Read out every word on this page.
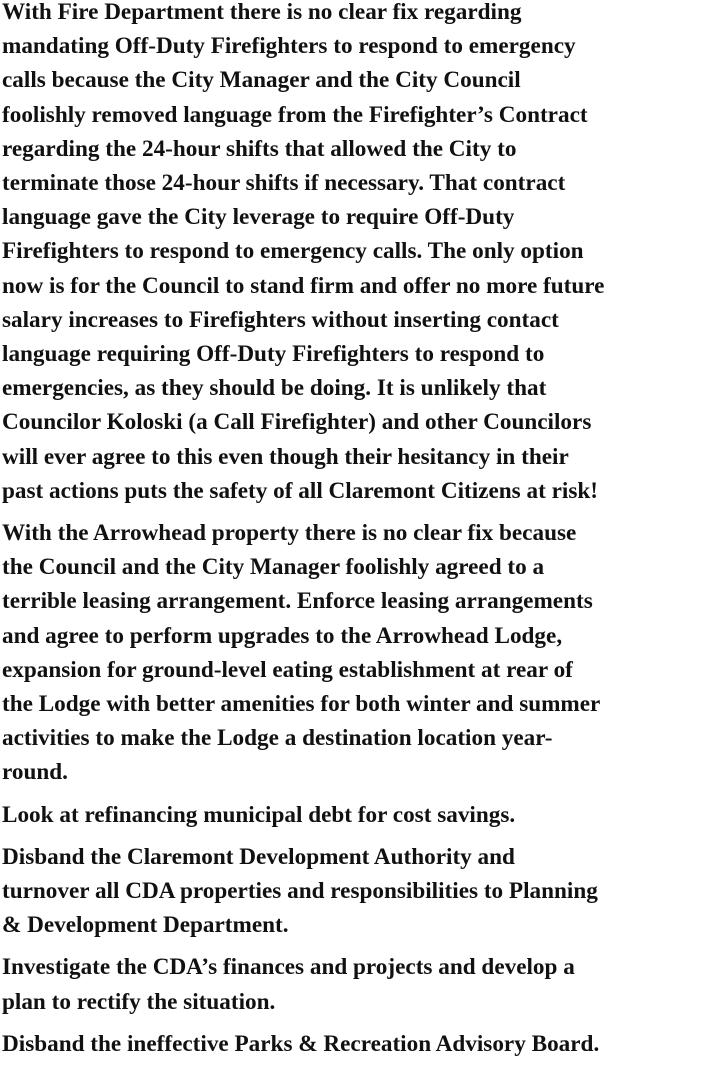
With Fire Department there is no clear fix regarding
mandating Off-Duty Firefighters to respond to emergency
calls because the City Manager and the City Council
foolishly removed language from the Firefighter’s Contract
regarding the 24-hour shifts that allowed the City to
terminate those 24-hour shifts if necessary. That contract
language gave the City leverage to require Off-Duty
Firefighters to respond to emergency calls. The only option
now is for the Council to stand firm and offer no more future
salary increases to Firefighters without inserting contact
language requiring Off-Duty Firefighters to respond to
emergencies, as they should be doing. It is unlikely that
Councilor Koloski (a Call Firefighter) and other Councilors
will ever agree to this even though their hesitancy in their
past actions puts the safety of all Claremont Citizens at risk!

With the Arrowhead property there is no clear fix because
the Council and the City Manager foolishly agreed to a
terrible leasing arrangement. Enforce leasing arrangements
and agree to perform upgrades to the Arrowhead Lodge,
expansion for ground-level eating establishment at rear of
the Lodge with better amenities for both winter and summer
activities to make the Lodge a destination location year-
round.

Look at refinancing municipal debt for cost savings.

Disband the Claremont Development Authority and
turnover all CDA properties and responsibilities to Planning
& Development Department.

Investigate the CDA’s finances and projects and develop a
plan to rectify the situation.

Disband the ineffective Parks & Recreation Advisory Board.
